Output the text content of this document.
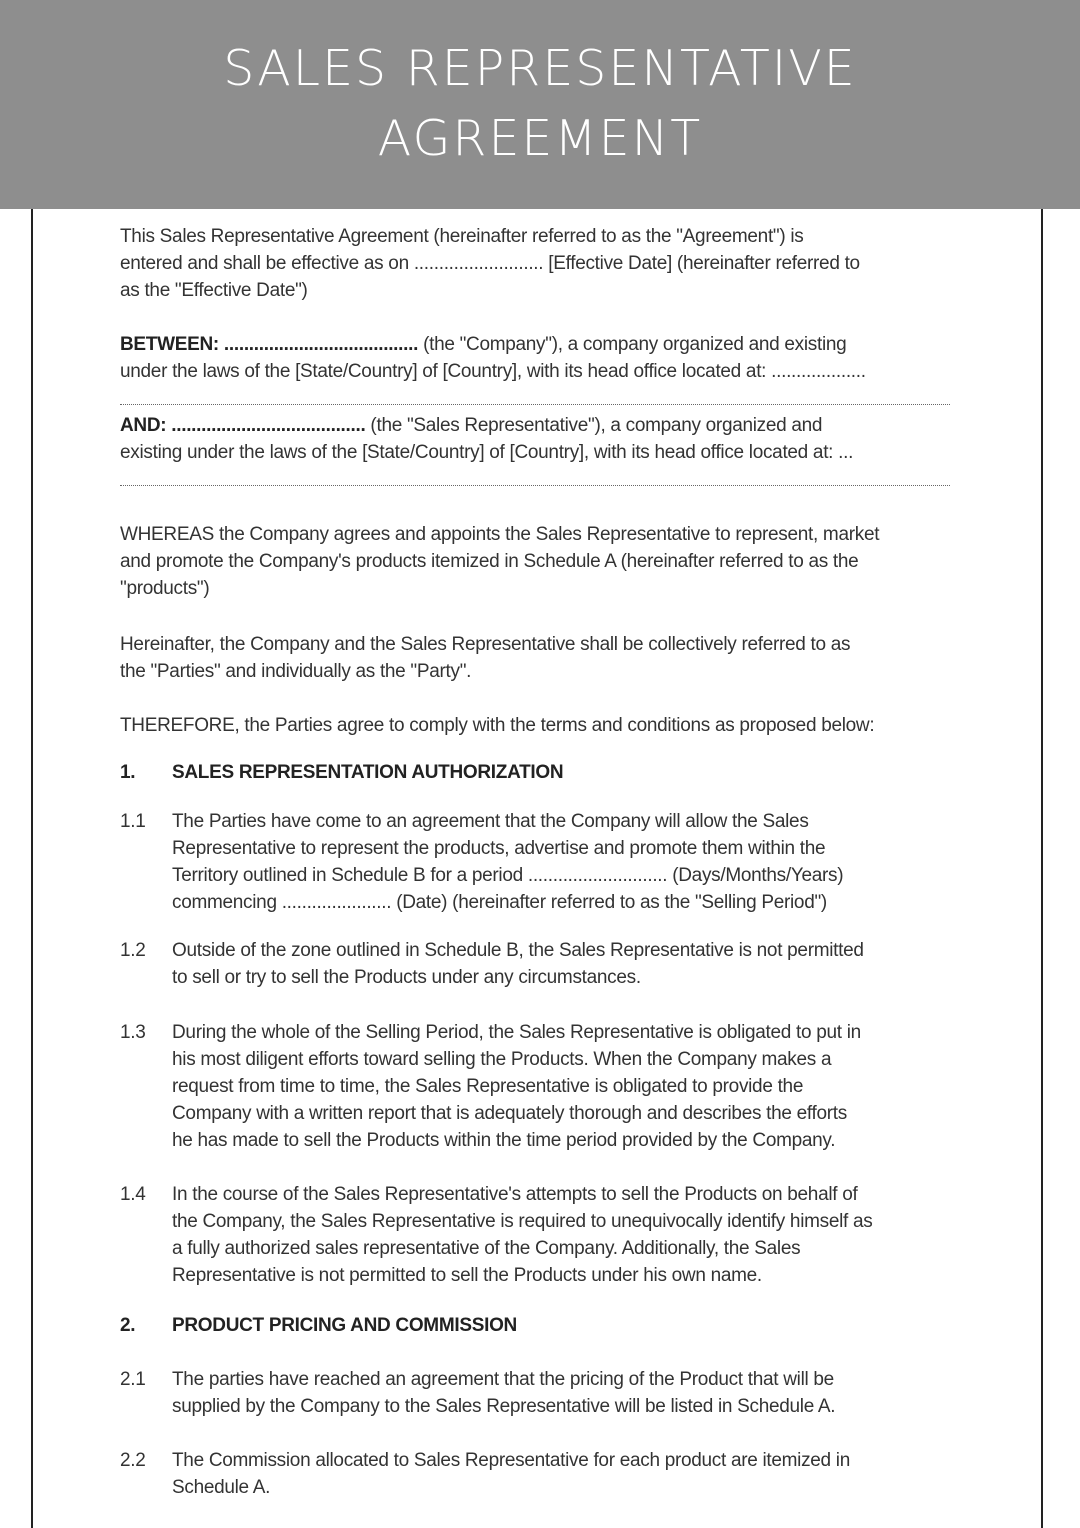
SALES REPRESENTATIVE
AGREEMENT
This Sales Representative Agreement (hereinafter referred to as the "Agreement") is
entered and shall be effective as on .......................... [Effective Date] (hereinafter referred to
as the "Effective Date")
BETWEEN: ....................................... (the "Company"), a company organized and existing
under the laws of the [State/Country] of [Country], with its head office located at: ...................
AND: ....................................... (the "Sales Representative"), a company organized and
existing under the laws of the [State/Country] of [Country], with its head office located at: ...
WHEREAS the Company agrees and appoints the Sales Representative to represent, market
and promote the Company's products itemized in Schedule A (hereinafter referred to as the
"products")
Hereinafter, the Company and the Sales Representative shall be collectively referred to as
the "Parties" and individually as the "Party".
THEREFORE, the Parties agree to comply with the terms and conditions as proposed below:
1. SALES REPRESENTATION AUTHORIZATION
1.1 The Parties have come to an agreement that the Company will allow the Sales
Representative to represent the products, advertise and promote them within the
Territory outlined in Schedule B for a period ............................ (Days/Months/Years)
commencing ...................... (Date) (hereinafter referred to as the "Selling Period")
1.2 Outside of the zone outlined in Schedule B, the Sales Representative is not permitted
to sell or try to sell the Products under any circumstances.
1.3 During the whole of the Selling Period, the Sales Representative is obligated to put in
his most diligent efforts toward selling the Products. When the Company makes a
request from time to time, the Sales Representative is obligated to provide the
Company with a written report that is adequately thorough and describes the efforts
he has made to sell the Products within the time period provided by the Company.
1.4 In the course of the Sales Representative's attempts to sell the Products on behalf of
the Company, the Sales Representative is required to unequivocally identify himself as
a fully authorized sales representative of the Company. Additionally, the Sales
Representative is not permitted to sell the Products under his own name.
2. PRODUCT PRICING AND COMMISSION
2.1 The parties have reached an agreement that the pricing of the Product that will be
supplied by the Company to the Sales Representative will be listed in Schedule A.
2.2 The Commission allocated to Sales Representative for each product are itemized in
Schedule A.
